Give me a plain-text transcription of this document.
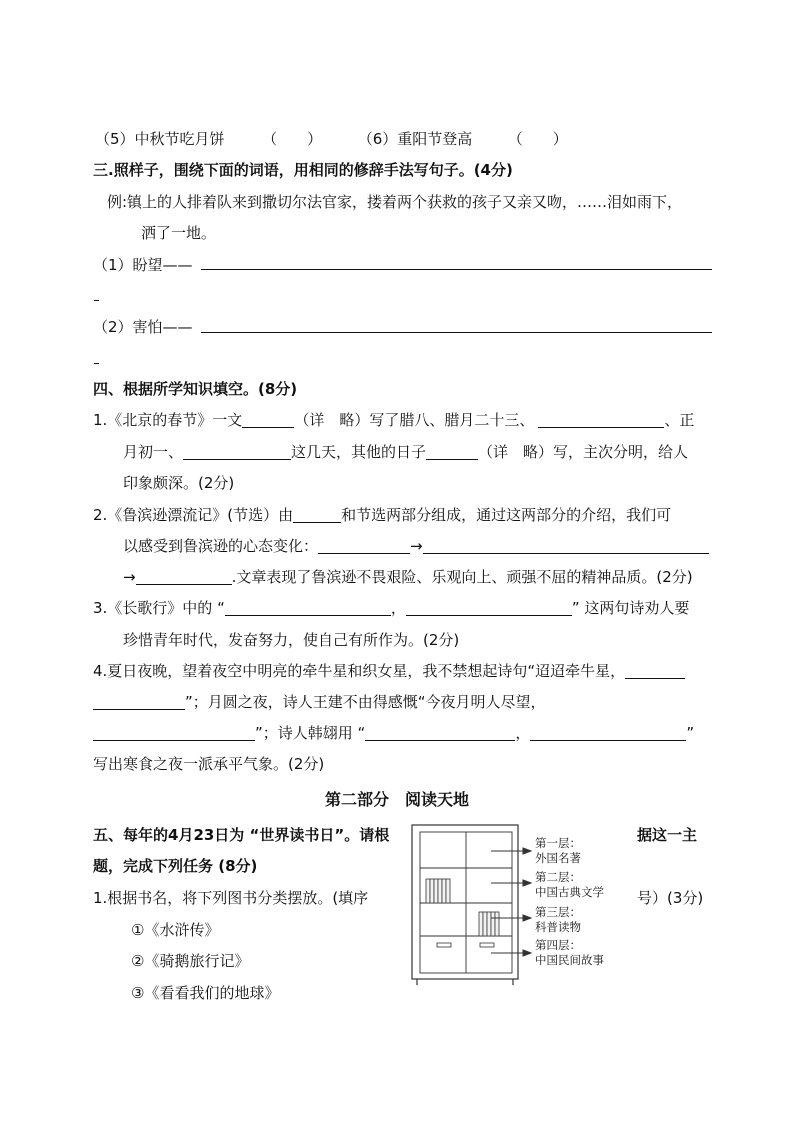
（5）中秋节吃月饼	（　　） （6）重阳节登高 （　　）
三.照样子，围绕下面的词语，用相同的修辞手法写句子。(4分)
例:镇上的人排着队来到撒切尔法官家，搂着两个获救的孩子又亲又吻，……泪如雨下，
洒了一地。
（1）盼望——
（2）害怕——
四、根据所学知识填空。(8分)
1.《北京的春节》一文	（详　略）写了腊八、腊月二十三、	、正
月初一、	这几天，其他的日子	（详　略）写，主次分明，给人
印象颇深。(2分)
2.《鲁滨逊漂流记》(节选）由	和节选两部分组成，通过这两部分的介绍，我们可
以感受到鲁滨逊的心态变化：	→
→	.文章表现了鲁滨逊不畏艰险、乐观向上、顽强不屈的精神品质。(2分)
3.《长歌行》中的 “	，	” 这两句诗劝人要
珍惜青年时代，发奋努力，使自己有所作为。(2分)
4.夏日夜晚，望着夜空中明亮的牵牛星和织女星，我不禁想起诗句“迢迢牵牛星，
”；月圆之夜，诗人王建不由得感慨“今夜月明人尽望，
”；诗人韩翃用 “	，	”
写出寒食之夜一派承平气象。(2分)
第二部分　阅读天地
五、每年的4月23日为 “世界读书日”。请根	据这一主
题，完成下列任务 (8分)
1.根据书名，将下列图书分类摆放。(填序	号）(3分)
①《水浒传》
②《骑鹅旅行记》
③《看看我们的地球》
第一层：
外国名著
第二层：
中国古典文学
第三层：
科普读物
第四层：
中国民间故事
